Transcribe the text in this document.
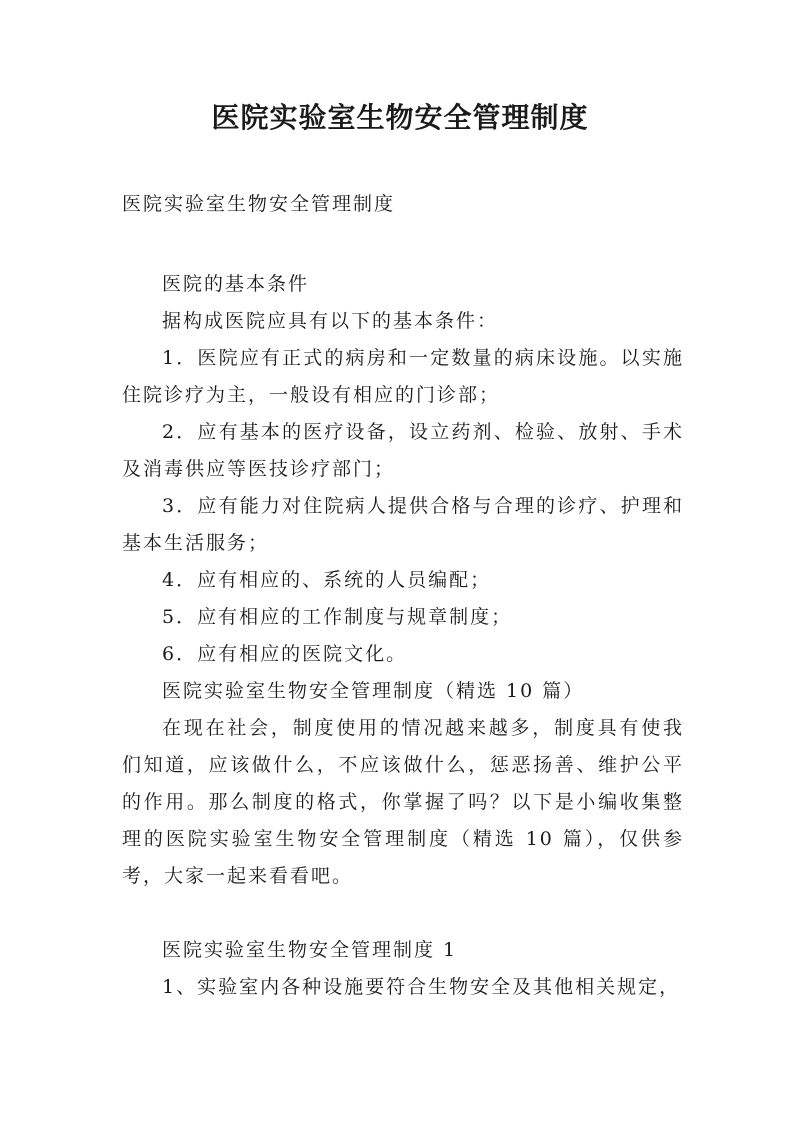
医院实验室生物安全管理制度

医院实验室生物安全管理制度

医院的基本条件

据构成医院应具有以下的基本条件：

1．医院应有正式的病房和一定数量的病床设施。以实施住院诊疗为主，一般设有相应的门诊部；

2．应有基本的医疗设备，设立药剂、检验、放射、手术及消毒供应等医技诊疗部门；

3．应有能力对住院病人提供合格与合理的诊疗、护理和基本生活服务；

4．应有相应的、系统的人员编配；

5．应有相应的工作制度与规章制度；

6．应有相应的医院文化。

医院实验室生物安全管理制度（精选 10 篇）

在现在社会，制度使用的情况越来越多，制度具有使我们知道，应该做什么，不应该做什么，惩恶扬善、维护公平的作用。那么制度的格式，你掌握了吗？以下是小编收集整理的医院实验室生物安全管理制度（精选 10 篇），仅供参考，大家一起来看看吧。

医院实验室生物安全管理制度 1

1、实验室内各种设施要符合生物安全及其他相关规定，
